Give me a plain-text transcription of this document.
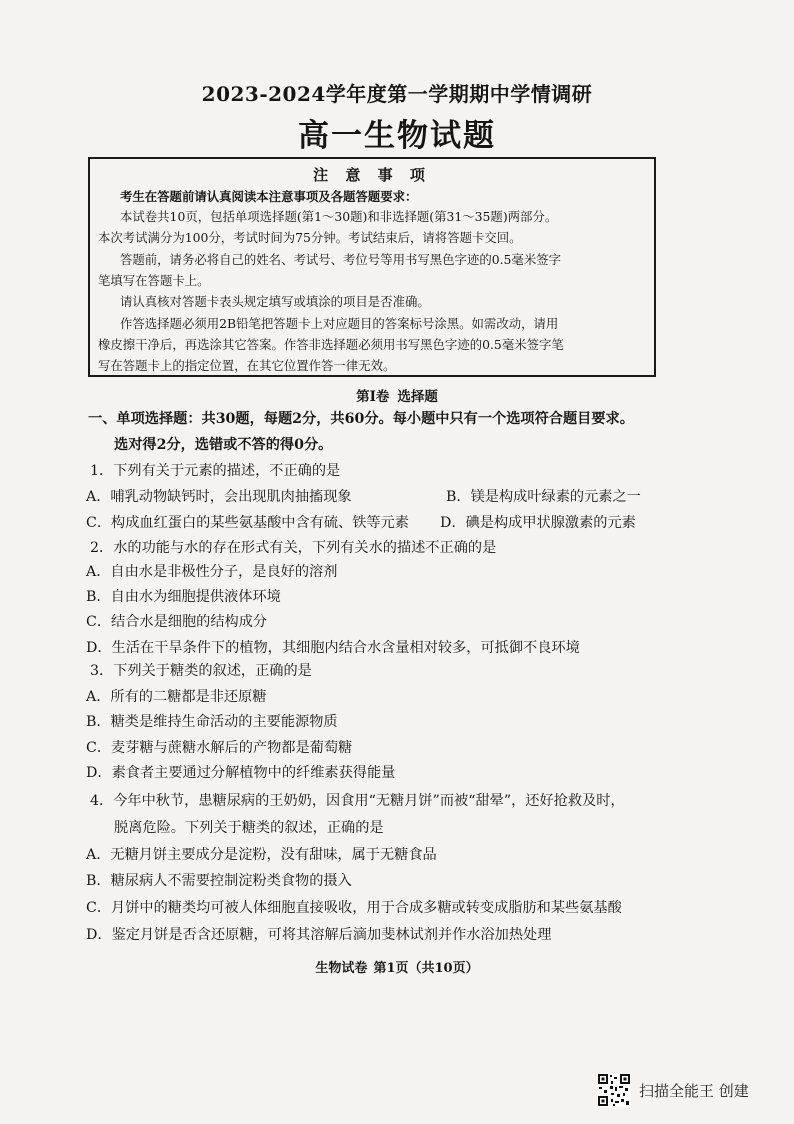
2023-2024学年度第一学期期中学情调研
高一生物试题
注 意 事 项
考生在答题前请认真阅读本注意事项及各题答题要求：
本试卷共10页，包括单项选择题(第1～30题)和非选择题(第31～35题)两部分。
本次考试满分为100分，考试时间为75分钟。考试结束后，请将答题卡交回。
答题前，请务必将自己的姓名、考试号、考位号等用书写黑色字迹的0.5毫米签字
笔填写在答题卡上。
请认真核对答题卡表头规定填写或填涂的项目是否准确。
作答选择题必须用2B铅笔把答题卡上对应题目的答案标号涂黑。如需改动，请用
橡皮擦干净后，再选涂其它答案。作答非选择题必须用书写黑色字迹的0.5毫米签字笔
写在答题卡上的指定位置，在其它位置作答一律无效。
第Ⅰ卷 选择题
一、单项选择题：共30题，每题2分，共60分。每小题中只有一个选项符合题目要求。
选对得2分，选错或不答的得0分。
1．下列有关于元素的描述，不正确的是
A．哺乳动物缺钙时，会出现肌肉抽搐现象	B．镁是构成叶绿素的元素之一
C．构成血红蛋白的某些氨基酸中含有硫、铁等元素 D．碘是构成甲状腺激素的元素
2．水的功能与水的存在形式有关，下列有关水的描述不正确的是
A．自由水是非极性分子，是良好的溶剂
B．自由水为细胞提供液体环境
C．结合水是细胞的结构成分
D．生活在干旱条件下的植物，其细胞内结合水含量相对较多，可抵御不良环境
3．下列关于糖类的叙述，正确的是
A．所有的二糖都是非还原糖
B．糖类是维持生命活动的主要能源物质
C．麦芽糖与蔗糖水解后的产物都是葡萄糖
D．素食者主要通过分解植物中的纤维素获得能量
4．今年中秋节，患糖尿病的王奶奶，因食用“无糖月饼”而被“甜晕”，还好抢救及时，
脱离危险。下列关于糖类的叙述，正确的是
A．无糖月饼主要成分是淀粉，没有甜味，属于无糖食品
B．糖尿病人不需要控制淀粉类食物的摄入
C．月饼中的糖类均可被人体细胞直接吸收，用于合成多糖或转变成脂肪和某些氨基酸
D．鉴定月饼是否含还原糖，可将其溶解后滴加斐林试剂并作水浴加热处理
生物试卷 第1页（共10页）
扫描全能王 创建
